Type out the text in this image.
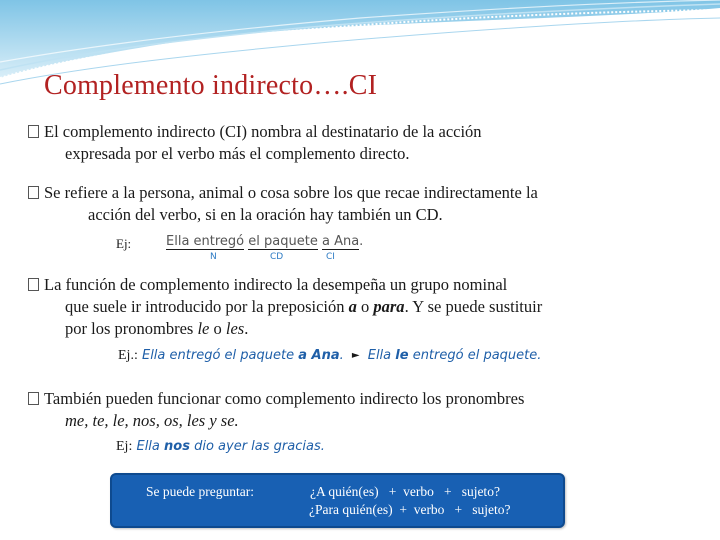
Complemento indirecto….CI

El complemento indirecto (CI) nombra al destinatario de la acción
expresada por el verbo más el complemento directo.

Se refiere a la persona, animal o cosa sobre los que recae indirectamente la
acción del verbo, si en la oración hay también un CD.

Ej:	Ella entregó el paquete a Ana.
N	CD	CI

La función de complemento indirecto la desempeña un grupo nominal
que suele ir introducido por la preposición a o para. Y se puede sustituir
por los pronombres le o les.

Ej.: Ella entregó el paquete a Ana. ► Ella le entregó el paquete.

También pueden funcionar como complemento indirecto los pronombres
me, te, le, nos, os, les y se.

Ej: Ella nos dio ayer las gracias.
Se puede preguntar:	¿A quién(es)   +  verbo   +   sujeto?
¿Para quién(es)  +  verbo   +   sujeto?
